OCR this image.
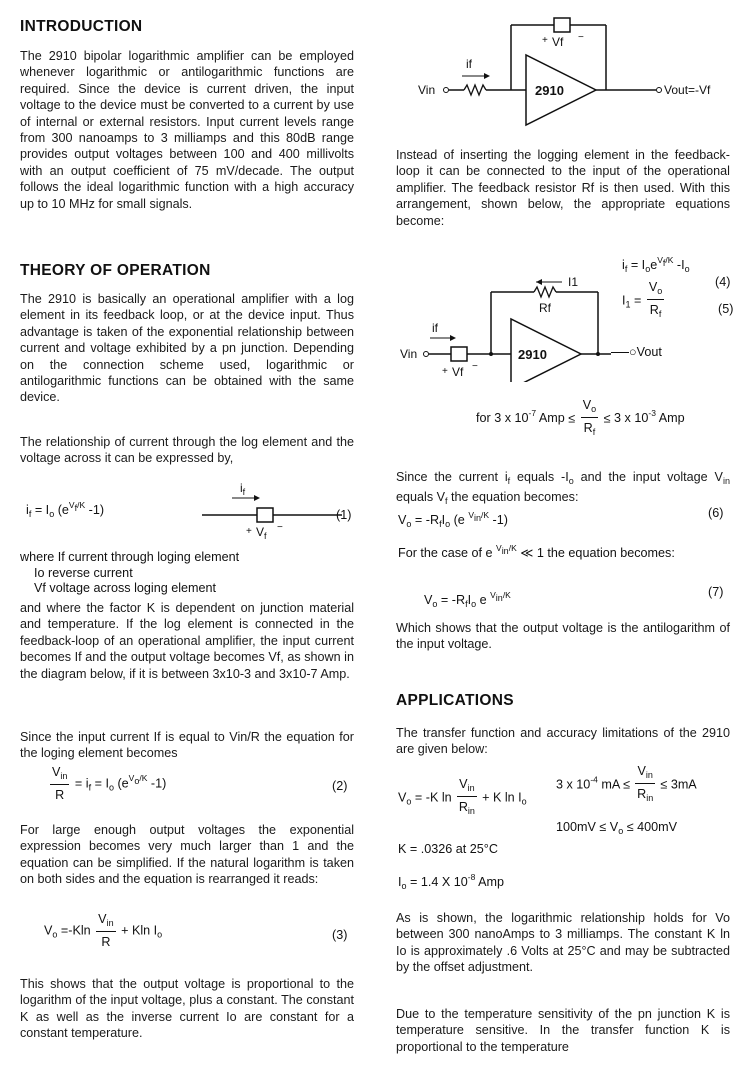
INTRODUCTION

The 2910 bipolar logarithmic amplifier can be employed whenever logarithmic or antilogarithmic functions are required. Since the device is current driven, the input voltage to the device must be converted to a current by use of internal or external resistors. Input current levels range from 300 nanoamps to 3 milliamps and this 80dB range provides output voltages between 100 and 400 millivolts with an output coefficient of 75 mV/decade. The output follows the ideal logarithmic function with a high accuracy up to 10 MHz for small signals.

THEORY OF OPERATION

The 2910 is basically an operational amplifier with a log element in its feedback loop, or at the device input. Thus advantage is taken of the exponential relationship between current and voltage exhibited by a pn junction. Depending on the connection scheme used, logarithmic or antilogarithmic functions can be obtained with the same device.

The relationship of current through the log element and the voltage across it can be expressed by,

$i_f = I_o$ ($e^{V_f/K}$ -1)
$i_f$
+ $V_f$
−
(1)
where If current through loging element
Io reverse current
Vf voltage across loging element

and where the factor K is dependent on junction material and temperature. If the log element is connected in the feedback-loop of an operational amplifier, the input current becomes If and the output voltage becomes Vf, as shown in the diagram below, if it is between 3x10-3 and 3x10-7 Amp.

Since the input current If is equal to Vin/R the equation for the loging element becomes

$\frac{V_{in}}{R} = i_f = I_o$ ($e^{V_o/K}$ -1)	(2)

For large enough output voltages the exponential expression becomes very much larger than 1 and the equation can be simplified. If the natural logarithm is taken on both sides and the equation is rearranged it reads:

$V_o =-Kln \frac{V_{in}}{R} + Kln$ $I_o$	(3)

This shows that the output voltage is proportional to the logarithm of the input voltage, plus a constant. The constant K as well as the inverse current Io are constant for a constant temperature.

+ Vf −
Vin
if
2910	Vout=-Vf

Instead of inserting the logging element in the feedback-loop it can be connected to the input of the operational amplifier. The feedback resistor Rf is then used. With this arrangement, shown below, the appropriate equations become:

I1
Rf
Vin
if
+ Vf −
2910	○Vout
$i_f = I_oe^{V_f/K}$ $-I_o$
(4)
$I_1 = \frac{V_o}{R_f}$	(5)
for 3 x $10^{-7}$ Amp ≤ $\frac{V_o}{R_f} \le 3$ x $10^{-3}$ Amp

Since the current $i_f$ equals $-I_o$ and the input voltage $V_{in}$ equals $V_f$ the equation becomes:

$V_o = -R_fI_o$ (e $^{V_{in}/K}$ -1)	(6)
For the case of e $^{V_{in}/K}$ ≪ 1 the equation becomes:
$V_o = -R_fI_o$ e $^{V_{in}/K}$	(7)

Which shows that the output voltage is the antilogarithm of the input voltage.

APPLICATIONS

The transfer function and accuracy limitations of the 2910 are given below:

$V_o = -K$ $\ln \frac{V_{in}}{R_{in}} + K$ $\ln I_o$
3 x $10^{-4}$ mA ≤ $\frac{V_{in}}{R_{in}} \le 3mA$
$100mV \le V_o \le 400mV$
K = .0326 at 25°C
$I_o = 1.4$ X $10^{-8}$ Amp

As is shown, the logarithmic relationship holds for Vo between 300 nanoAmps to 3 milliamps. The constant K ln Io is approximately .6 Volts at 25°C and may be subtracted by the offset adjustment.

Due to the temperature sensitivity of the pn junction K is temperature sensitive. In the transfer function K is proportional to the temperature
